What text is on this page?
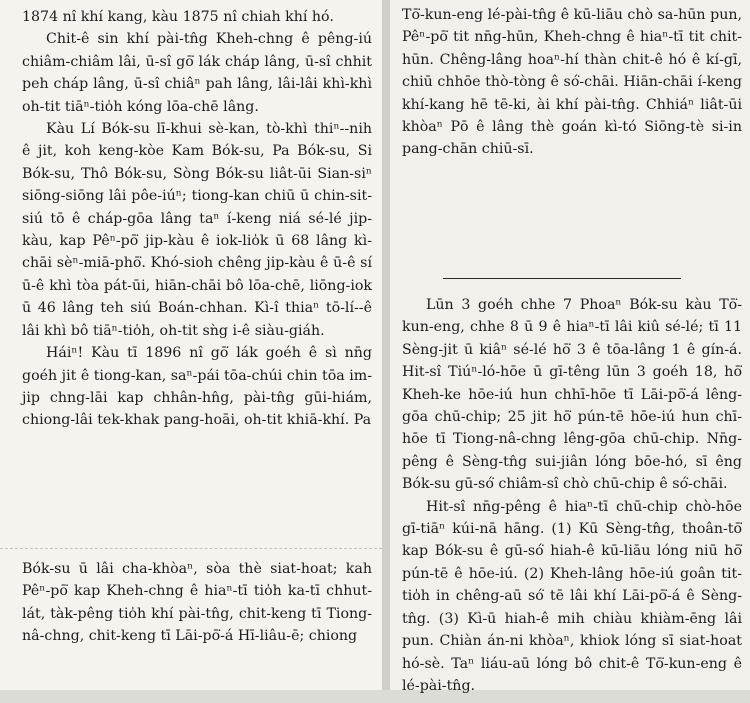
1874 nî khí kang, kàu 1875 nî chiah khí hó.

Chit-ê sin khí pài-tn̂g Kheh-chng ê pêng-iú chiâm-chiâm lâi, ū-sî gō͘ lák cháp lâng, ū-sî chhit peh cháp lâng, ū-sî chiâⁿ pah lâng, lâi-lâi khì-khì oh-tit tiāⁿ-tio̍h kóng lōa-chē lâng.

Kàu Lí Bók-su lī-khui sè-kan, tò-khì thiⁿ--nih ê jit, koh keng-kòe Kam Bók-su, Pa Bók-su, Si Bók-su, Thô Bók-su, Sòng Bók-su liât-ūi Sian-siⁿ siōng-siōng lâi pôe-iúⁿ; tiong-kan chiū ū chin-sit-siú tō ê cháp-gōa lâng taⁿ í-keng niá sé-lé jip-kàu, kap Pêⁿ-pō͘ jip-kàu ê iok-lio̍k ū 68 lâng kì-chāi sèⁿ-miā-phō͘. Khó-sioh chêng jip-kàu ê ū-ê sí ū-ê khì tòa pát-ūi, hiān-chāi bô lōa-chē, liōng-iok ū 46 lâng teh siú Boán-chhan. Kì-î thiaⁿ tō-lí--ê lâi khì bô tiāⁿ-tio̍h, oh-tit sǹg i-ê siàu-giáh.

Háiⁿ! Kàu tī 1896 nî gō͘ lák goéh ê sì nn̄g goéh jit ê tiong-kan, saⁿ-pái tōa-chúi chin tōa im-jip chng-lāi kap chhân-hn̂g, pài-tn̂g gūi-hiám, chiong-lâi tek-khak pang-hoāi, oh-tit khiā-khí. Pa

Bók-su ū lâi cha-khòaⁿ, sòa thè siat-hoat; kah Pêⁿ-pō͘ kap Kheh-chng ê hiaⁿ-tī tio̍h ka-tī chhut-lát, tàk-pêng tio̍h khí pài-tn̂g, chit-keng tī Tiong-nâ-chng, chit-keng tī Lāi-pō͘-á Hī-liâu-ē; chiong

Tō͘-kun-eng lé-pài-tn̂g ê kū-liāu chò sa-hūn pun, Pêⁿ-pō͘ tit nn̄g-hūn, Kheh-chng ê hiaⁿ-tī tit chit-hūn. Chêng-lâng hoaⁿ-hí thàn chit-ê hó ê kí-gī, chiū chhōe thò-tòng ê só͘-chāi. Hiān-chāi í-keng khí-kang hē tē-ki, ài khí pài-tn̂g. Chhiáⁿ liât-ūi khòaⁿ Pō ê lâng thè goán kì-tó Siōng-tè si-in pang-chān chiū-sī.

Lūn 3 goéh chhe 7 Phoaⁿ Bók-su kàu Tō͘-kun-eng, chhe 8 ū 9 ê hiaⁿ-tī lâi kiû sé-lé; tī 11 Sèng-jit ū kiâⁿ sé-lé hō͘ 3 ê tōa-lâng 1 ê gín-á. Hit-sî Tiúⁿ-ló-hōe ū gī-têng lūn 3 goéh 18, hō͘ Kheh-ke hōe-iú hun chhī-hōe tī Lāi-pō͘-á lêng-gōa chū-chip; 25 jit hō͘ pún-tē hōe-iú hun chī-hōe tī Tiong-nâ-chng lêng-gōa chū-chip. Nn̄g-pêng ê Sèng-tn̂g sui-jiân lóng bōe-hó, sī êng Bók-su gū-só͘ chiâm-sî chò chū-chip ê só͘-chāi.

Hit-sî nn̄g-pêng ê hiaⁿ-tī chū-chip chò-hōe gī-tiāⁿ kúi-nā hāng. (1) Kū Sèng-tn̂g, thoân-tō͘ kap Bók-su ê gū-só͘ hiah-ê kū-liāu lóng niū hō͘ pún-tē ê hōe-iú. (2) Kheh-lâng hōe-iú goân tit-tio̍h in chêng-aū só͘ tē lâi khí Lāi-pō͘-á ê Sèng-tn̂g. (3) Kì-ū hiah-ê mih chiàu khiàm-ēng lâi pun. Chiàn án-ni khòaⁿ, khiok lóng sī siat-hoat hó-sè. Taⁿ liáu-aū lóng bô chit-ê Tō͘-kun-eng ê lé-pài-tn̂g.
